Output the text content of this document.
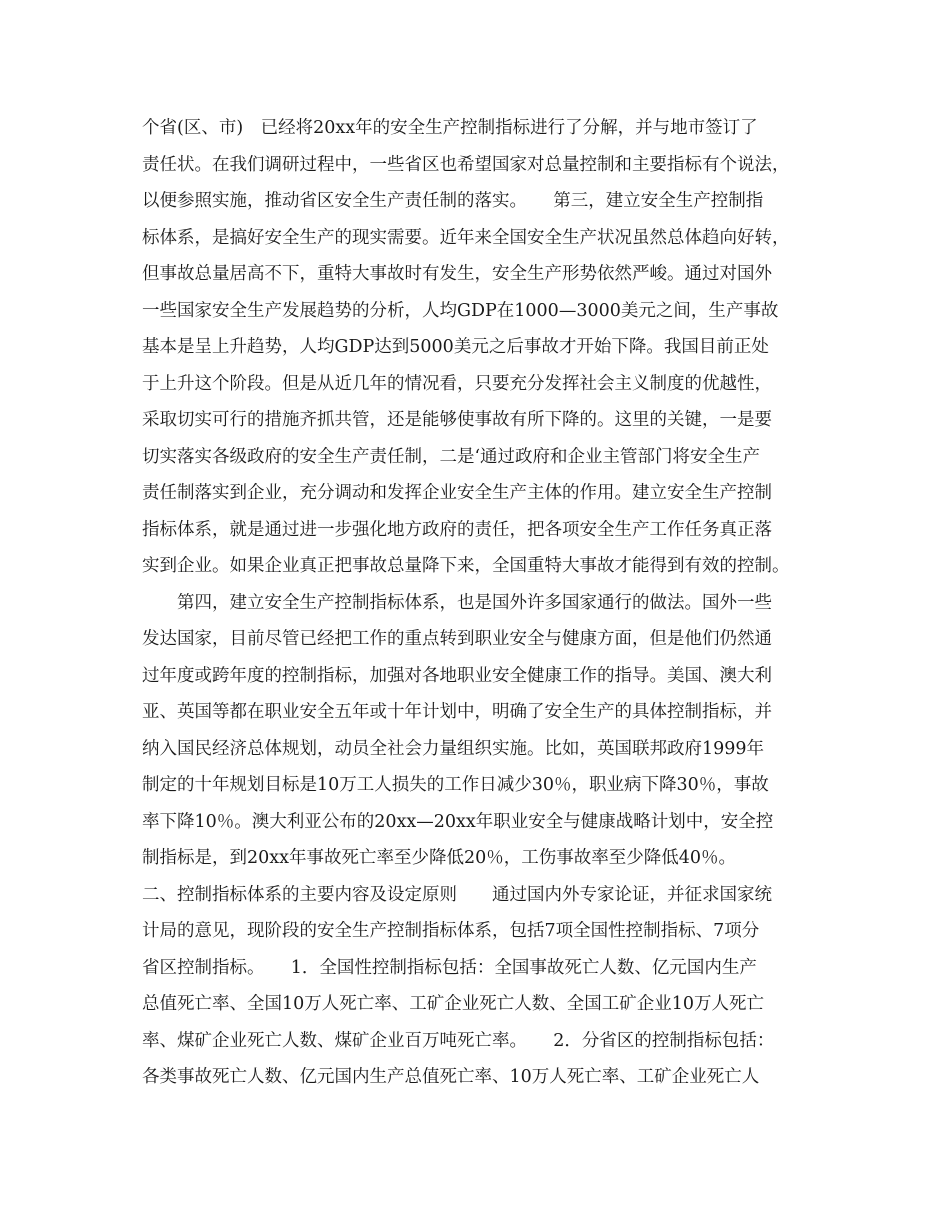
个省(区、市)　已经将20xx年的安全生产控制指标进行了分解，并与地市签订了
责任状。在我们调研过程中，一些省区也希望国家对总量控制和主要指标有个说法，
以便参照实施，推动省区安全生产责任制的落实。　　第三，建立安全生产控制指
标体系，是搞好安全生产的现实需要。近年来全国安全生产状况虽然总体趋向好转，
但事故总量居高不下，重特大事故时有发生，安全生产形势依然严峻。通过对国外
一些国家安全生产发展趋势的分析，人均GDP在1000—3000美元之间，生产事故
基本是呈上升趋势，人均GDP达到5000美元之后事故才开始下降。我国目前正处
于上升这个阶段。但是从近几年的情况看，只要充分发挥社会主义制度的优越性，
采取切实可行的措施齐抓共管，还是能够使事故有所下降的。这里的关键，一是要
切实落实各级政府的安全生产责任制，二是‘通过政府和企业主管部门将安全生产
责任制落实到企业，充分调动和发挥企业安全生产主体的作用。建立安全生产控制
指标体系，就是通过进一步强化地方政府的责任，把各项安全生产工作任务真正落
实到企业。如果企业真正把事故总量降下来，全国重特大事故才能得到有效的控制。
　　第四，建立安全生产控制指标体系，也是国外许多国家通行的做法。国外一些
发达国家，目前尽管已经把工作的重点转到职业安全与健康方面，但是他们仍然通
过年度或跨年度的控制指标，加强对各地职业安全健康工作的指导。美国、澳大利
亚、英国等都在职业安全五年或十年计划中，明确了安全生产的具体控制指标，并
纳入国民经济总体规划，动员全社会力量组织实施。比如，英国联邦政府1999年
制定的十年规划目标是10万工人损失的工作日减少30％，职业病下降30％，事故
率下降10％。澳大利亚公布的20xx—20xx年职业安全与健康战略计划中，安全控
制指标是，到20xx年事故死亡率至少降低20％，工伤事故率至少降低40％。
二、控制指标体系的主要内容及设定原则　　通过国内外专家论证，并征求国家统
计局的意见，现阶段的安全生产控制指标体系，包括7项全国性控制指标、7项分
省区控制指标。　　1．全国性控制指标包括：全国事故死亡人数、亿元国内生产
总值死亡率、全国10万人死亡率、工矿企业死亡人数、全国工矿企业10万人死亡
率、煤矿企业死亡人数、煤矿企业百万吨死亡率。　　2．分省区的控制指标包括：
各类事故死亡人数、亿元国内生产总值死亡率、10万人死亡率、工矿企业死亡人
